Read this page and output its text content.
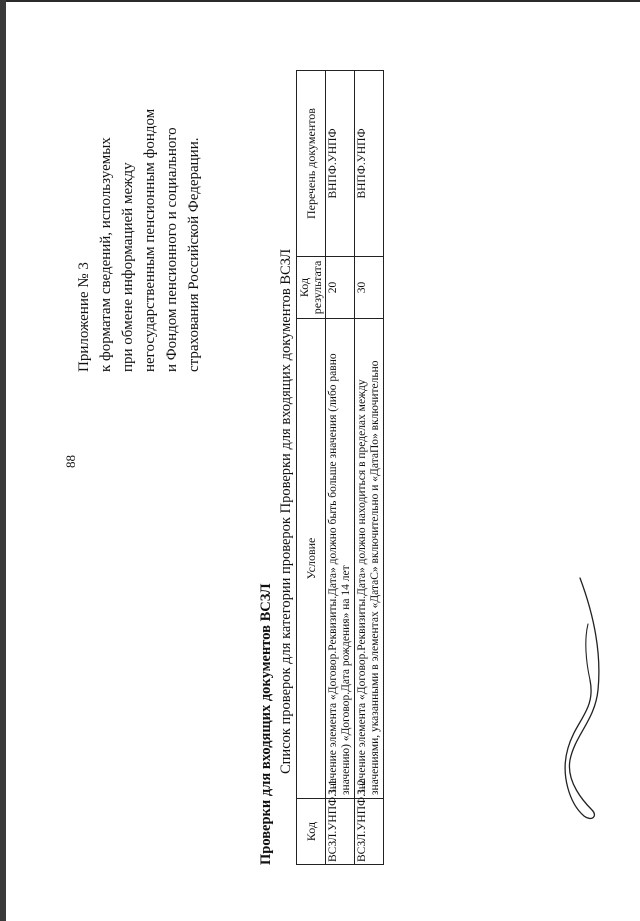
88
Приложение № 3 к форматам сведений, используемых при обмене информацией между негосударственным пенсионным фондом и Фондом пенсионного и социального страхования Российской Федерации.
Проверки для входящих документов ВСЗЛ Список проверок для категории проверок Проверки для входящих документов ВСЗЛ
Код	Условие	Код результата	Перечень документов
ВСЗЛ.УНПФ.1.1	Значение элемента «Договор.Реквизиты.Дата» должно быть больше значения (либо равно значению) «Договор.Дата рождения» на 14 лет	20	ВНПФ.УНПФ
ВСЗЛ.УНПФ.1.2	Значение элемента «Договор.Реквизиты.Дата» должно находиться в пределах между значениями, указанными в элементах «ДатаС» включительно и «ДатаПо» включительно	30	ВНПФ.УНПФ
